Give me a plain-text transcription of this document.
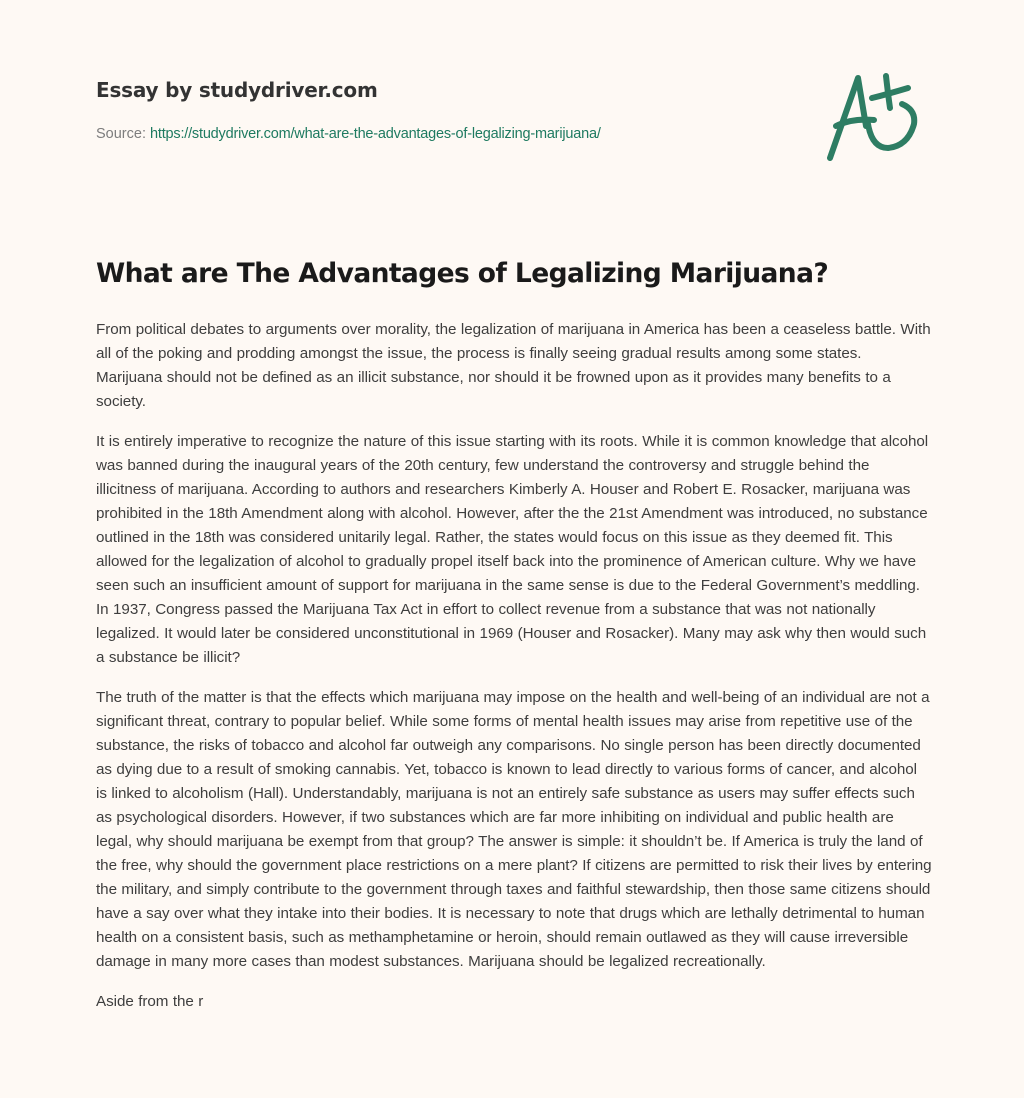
Essay by studydriver.com
Source: https://studydriver.com/what-are-the-advantages-of-legalizing-marijuana/
What are The Advantages of Legalizing Marijuana?

From political debates to arguments over morality, the legalization of marijuana in America has been a ceaseless battle. With all of the poking and prodding amongst the issue, the process is finally seeing gradual results among some states. Marijuana should not be defined as an illicit substance, nor should it be frowned upon as it provides many benefits to a society.

It is entirely imperative to recognize the nature of this issue starting with its roots. While it is common knowledge that alcohol was banned during the inaugural years of the 20th century, few understand the controversy and struggle behind the illicitness of marijuana. According to authors and researchers Kimberly A. Houser and Robert E. Rosacker, marijuana was prohibited in the 18th Amendment along with alcohol. However, after the the 21st Amendment was introduced, no substance outlined in the 18th was considered unitarily legal. Rather, the states would focus on this issue as they deemed fit. This allowed for the legalization of alcohol to gradually propel itself back into the prominence of American culture. Why we have seen such an insufficient amount of support for marijuana in the same sense is due to the Federal Government’s meddling. In 1937, Congress passed the Marijuana Tax Act in effort to collect revenue from a substance that was not nationally legalized. It would later be considered unconstitutional in 1969 (Houser and Rosacker). Many may ask why then would such a substance be illicit?

The truth of the matter is that the effects which marijuana may impose on the health and well-being of an individual are not a significant threat, contrary to popular belief. While some forms of mental health issues may arise from repetitive use of the substance, the risks of tobacco and alcohol far outweigh any comparisons. No single person has been directly documented as dying due to a result of smoking cannabis. Yet, tobacco is known to lead directly to various forms of cancer, and alcohol is linked to alcoholism (Hall). Understandably, marijuana is not an entirely safe substance as users may suffer effects such as psychological disorders. However, if two substances which are far more inhibiting on individual and public health are legal, why should marijuana be exempt from that group? The answer is simple: it shouldn’t be. If America is truly the land of the free, why should the government place restrictions on a mere plant? If citizens are permitted to risk their lives by entering the military, and simply contribute to the government through taxes and faithful stewardship, then those same citizens should have a say over what they intake into their bodies. It is necessary to note that drugs which are lethally detrimental to human health on a consistent basis, such as methamphetamine or heroin, should remain outlawed as they will cause irreversible damage in many more cases than modest substances. Marijuana should be legalized recreationally.

Aside from the r
